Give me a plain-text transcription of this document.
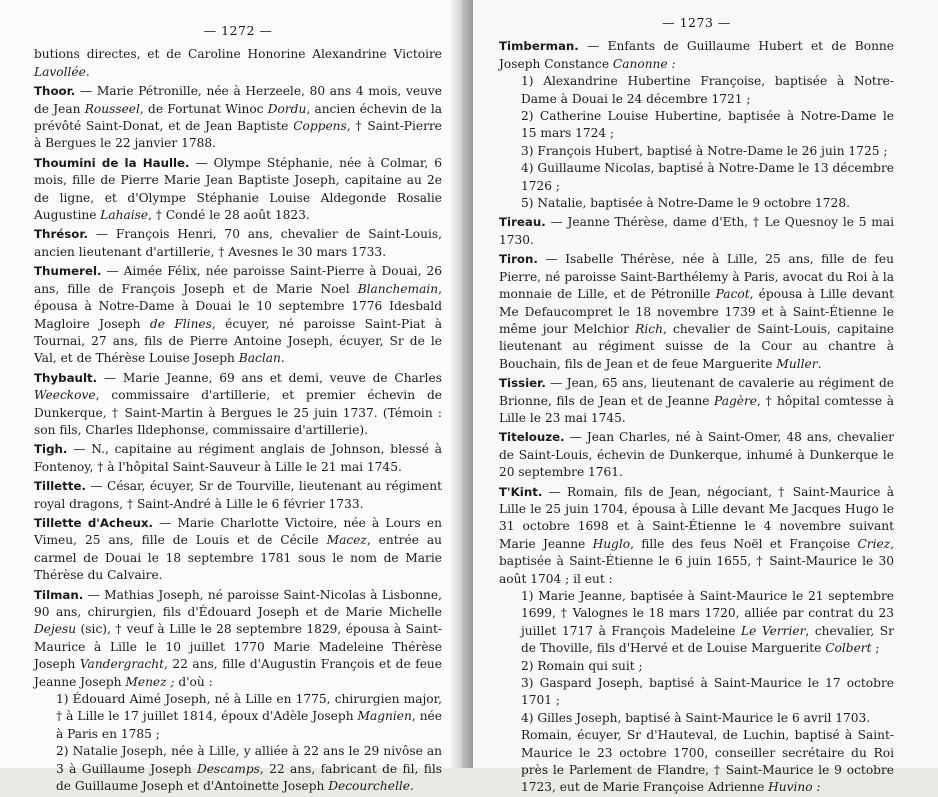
— 1272 —

butions directes, et de Caroline Honorine Alexandrine Victoire Lavollée.

Thoor. — Marie Pétronille, née à Herzeele, 80 ans 4 mois, veuve de Jean Rousseel, de Fortunat Winoc Dordu, ancien échevin de la prévôté Saint-Donat, et de Jean Baptiste Coppens, † Saint-Pierre à Bergues le 22 janvier 1788.

Thoumini de la Haulle. — Olympe Stéphanie, née à Colmar, 6 mois, fille de Pierre Marie Jean Baptiste Joseph, capitaine au 2e de ligne, et d'Olympe Stéphanie Louise Aldegonde Rosalie Augustine Lahaise, † Condé le 28 août 1823.

Thrésor. — François Henri, 70 ans, chevalier de Saint-Louis, ancien lieutenant d'artillerie, † Avesnes le 30 mars 1733.

Thumerel. — Aimée Félix, née paroisse Saint-Pierre à Douai, 26 ans, fille de François Joseph et de Marie Noel Blanchemain, épousa à Notre-Dame à Douai le 10 septembre 1776 Idesbald Magloire Joseph de Flines, écuyer, né paroisse Saint-Piat à Tournai, 27 ans, fils de Pierre Antoine Joseph, écuyer, Sr de le Val, et de Thérèse Louise Joseph Baclan.

Thybault. — Marie Jeanne, 69 ans et demi, veuve de Charles Weeckove, commissaire d'artillerie, et premier échevin de Dunkerque, † Saint-Martin à Bergues le 25 juin 1737. (Témoin : son fils, Charles Ildephonse, commissaire d'artillerie).

Tigh. — N., capitaine au régiment anglais de Johnson, blessé à Fontenoy, † à l'hôpital Saint-Sauveur à Lille le 21 mai 1745.

Tillette. — César, écuyer, Sr de Tourville, lieutenant au régiment royal dragons, † Saint-André à Lille le 6 février 1733.

Tillette d'Acheux. — Marie Charlotte Victoire, née à Lours en Vimeu, 25 ans, fille de Louis et de Cécile Macez, entrée au carmel de Douai le 18 septembre 1781 sous le nom de Marie Thérèse du Calvaire.

Tilman. — Mathias Joseph, né paroisse Saint-Nicolas à Lisbonne, 90 ans, chirurgien, fils d'Édouard Joseph et de Marie Michelle Dejesu (sic), † veuf à Lille le 28 septembre 1829, épousa à Saint-Maurice à Lille le 10 juillet 1770 Marie Madeleine Thérèse Joseph Vandergracht, 22 ans, fille d'Augustin François et de feue Jeanne Joseph Menez ; d'où :

1) Édouard Aimé Joseph, né à Lille en 1775, chirurgien major, † à Lille le 17 juillet 1814, époux d'Adèle Joseph Magnien, née à Paris en 1785 ;

2) Natalie Joseph, née à Lille, y alliée à 22 ans le 29 nivôse an 3 à Guillaume Joseph Descamps, 22 ans, fabricant de fil, fils de Guillaume Joseph et d'Antoinette Joseph Decourchelle.

— 1273 —

Timberman. — Enfants de Guillaume Hubert et de Bonne Joseph Constance Canonne :

1) Alexandrine Hubertine Françoise, baptisée à Notre-Dame à Douai le 24 décembre 1721 ;

2) Catherine Louise Hubertine, baptisée à Notre-Dame le 15 mars 1724 ;

3) François Hubert, baptisé à Notre-Dame le 26 juin 1725 ;

4) Guillaume Nicolas, baptisé à Notre-Dame le 13 décembre 1726 ;

5) Natalie, baptisée à Notre-Dame le 9 octobre 1728.

Tireau. — Jeanne Thérèse, dame d'Eth, † Le Quesnoy le 5 mai 1730.

Tiron. — Isabelle Thérèse, née à Lille, 25 ans, fille de feu Pierre, né paroisse Saint-Barthélemy à Paris, avocat du Roi à la monnaie de Lille, et de Pétronille Pacot, épousa à Lille devant Me Defaucompret le 18 novembre 1739 et à Saint-Étienne le même jour Melchior Rich, chevalier de Saint-Louis, capitaine lieutenant au régiment suisse de la Cour au chantre à Bouchain, fils de Jean et de feue Marguerite Muller.

Tissier. — Jean, 65 ans, lieutenant de cavalerie au régiment de Brionne, fils de Jean et de Jeanne Pagère, † hôpital comtesse à Lille le 23 mai 1745.

Titelouze. — Jean Charles, né à Saint-Omer, 48 ans, chevalier de Saint-Louis, échevin de Dunkerque, inhumé à Dunkerque le 20 septembre 1761.

T'Kint. — Romain, fils de Jean, négociant, † Saint-Maurice à Lille le 25 juin 1704, épousa à Lille devant Me Jacques Hugo le 31 octobre 1698 et à Saint-Étienne le 4 novembre suivant Marie Jeanne Huglo, fille des feus Noël et Françoise Criez, baptisée à Saint-Étienne le 6 juin 1655, † Saint-Maurice le 30 août 1704 ; il eut :

1) Marie Jeanne, baptisée à Saint-Maurice le 21 septembre 1699, † Valognes le 18 mars 1720, alliée par contrat du 23 juillet 1717 à François Madeleine Le Verrier, chevalier, Sr de Thoville, fils d'Hervé et de Louise Marguerite Colbert ;

2) Romain qui suit ;

3) Gaspard Joseph, baptisé à Saint-Maurice le 17 octobre 1701 ;

4) Gilles Joseph, baptisé à Saint-Maurice le 6 avril 1703.

Romain, écuyer, Sr d'Hauteval, de Luchin, baptisé à Saint-Maurice le 23 octobre 1700, conseiller secrétaire du Roi près le Parlement de Flandre, † Saint-Maurice le 9 octobre 1723, eut de Marie Françoise Adrienne Huvino :
